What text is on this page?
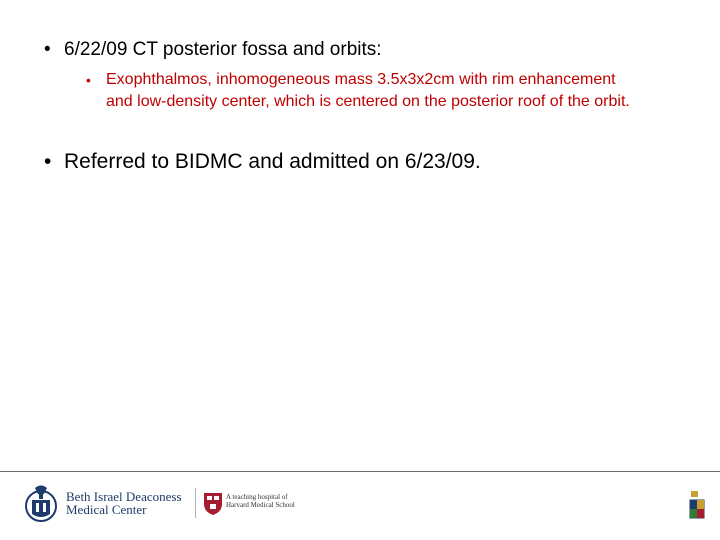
• 6/22/09 CT posterior fossa and orbits:
• Exophthalmos, inhomogeneous mass 3.5x3x2cm with rim enhancement and low-density center, which is centered on the posterior roof of the orbit.
• Referred to BIDMC and admitted on 6/23/09.
Beth Israel Deaconess
Medical Center
A teaching hospital of Harvard Medical School
